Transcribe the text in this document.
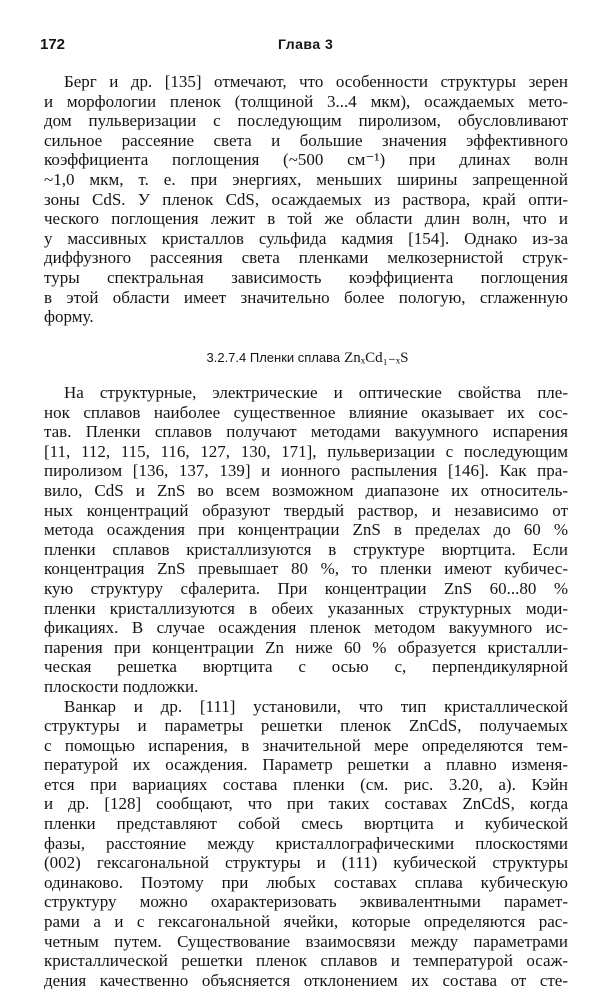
172	Глава 3
Берг и др. [135] отмечают, что особенности структуры зерен
и морфологии пленок (толщиной 3...4 мкм), осаждаемых мето-
дом пульверизации с последующим пиролизом, обусловливают
сильное рассеяние света и большие значения эффективного
коэффициента поглощения (~500 см⁻¹) при длинах волн
~1,0 мкм, т. е. при энергиях, меньших ширины запрещенной
зоны CdS. У пленок CdS, осаждаемых из раствора, край опти-
ческого поглощения лежит в той же области длин волн, что и
у массивных кристаллов сульфида кадмия [154]. Однако из-за
диффузного рассеяния света пленками мелкозернистой струк-
туры спектральная зависимость коэффициента поглощения
в этой области имеет значительно более пологую, сглаженную
форму.
3.2.7.4 Пленки сплава ZnₓCd₁₋ₓS
На структурные, электрические и оптические свойства пле-
нок сплавов наиболее существенное влияние оказывает их сос-
тав. Пленки сплавов получают методами вакуумного испарения
[11, 112, 115, 116, 127, 130, 171], пульверизации с последующим
пиролизом [136, 137, 139] и ионного распыления [146]. Как пра-
вило, CdS и ZnS во всем возможном диапазоне их относитель-
ных концентраций образуют твердый раствор, и независимо от
метода осаждения при концентрации ZnS в пределах до 60 %
пленки сплавов кристаллизуются в структуре вюртцита. Если
концентрация ZnS превышает 80 %, то пленки имеют кубичес-
кую структуру сфалерита. При концентрации ZnS 60...80 %
пленки кристаллизуются в обеих указанных структурных моди-
фикациях. В случае осаждения пленок методом вакуумного ис-
парения при концентрации Zn ниже 60 % образуется кристалли-
ческая решетка вюртцита с осью c, перпендикулярной
плоскости подложки.
Ванкар и др. [111] установили, что тип кристаллической
структуры и параметры решетки пленок ZnCdS, получаемых
с помощью испарения, в значительной мере определяются тем-
пературой их осаждения. Параметр решетки a плавно изменя-
ется при вариациях состава пленки (см. рис. 3.20, a). Кэйн
и др. [128] сообщают, что при таких составах ZnCdS, когда
пленки представляют собой смесь вюртцита и кубической
фазы, расстояние между кристаллографическими плоскостями
(002) гексагональной структуры и (111) кубической структуры
одинаково. Поэтому при любых составах сплава кубическую
структуру можно охарактеризовать эквивалентными парамет-
рами a и c гексагональной ячейки, которые определяются рас-
четным путем. Существование взаимосвязи между параметрами
кристаллической решетки пленок сплавов и температурой осаж-
дения качественно объясняется отклонением их состава от сте-
